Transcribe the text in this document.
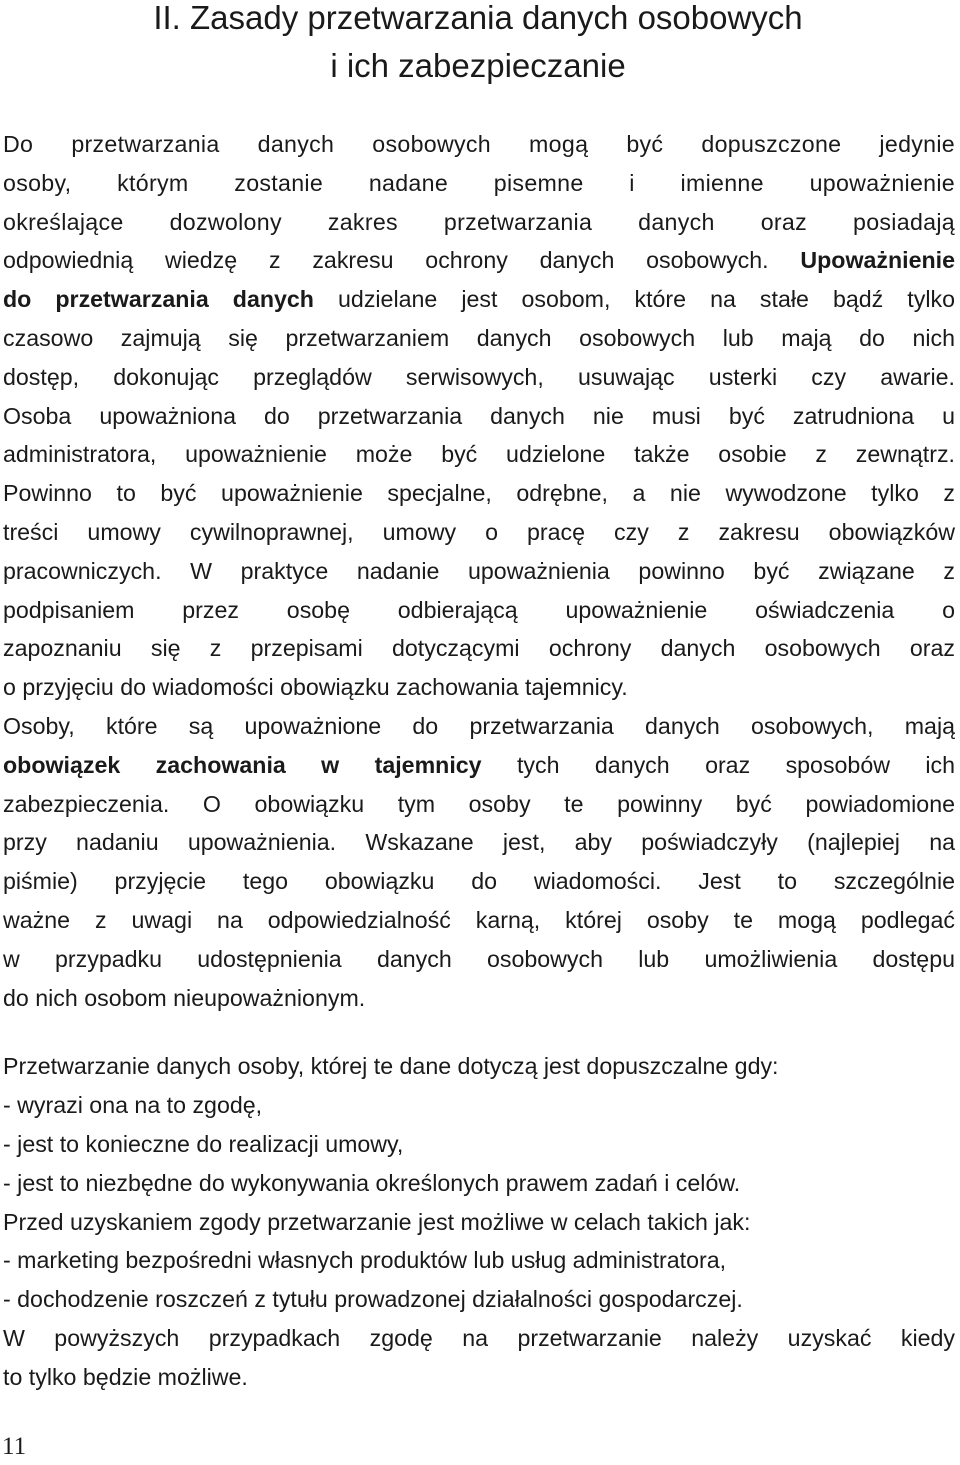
II. Zasady przetwarzania danych osobowych
i ich zabezpieczanie
Do przetwarzania danych osobowych mogą być dopuszczone jedynie
osoby, którym zostanie nadane pisemne i imienne upoważnienie
określające dozwolony zakres przetwarzania danych oraz posiadają
odpowiednią wiedzę z zakresu ochrony danych osobowych. Upoważnienie
do przetwarzania danych udzielane jest osobom, które na stałe bądź tylko
czasowo zajmują się przetwarzaniem danych osobowych lub mają do nich
dostęp, dokonując przeglądów serwisowych, usuwając usterki czy awarie.
Osoba upoważniona do przetwarzania danych nie musi być zatrudniona u
administratora, upoważnienie może być udzielone także osobie z zewnątrz.
Powinno to być upoważnienie specjalne, odrębne, a nie wywodzone tylko z
treści umowy cywilnoprawnej, umowy o pracę czy z zakresu obowiązków
pracowniczych. W praktyce nadanie upoważnienia powinno być związane z
podpisaniem przez osobę odbierającą upoważnienie oświadczenia o
zapoznaniu się z przepisami dotyczącymi ochrony danych osobowych oraz
o przyjęciu do wiadomości obowiązku zachowania tajemnicy.
Osoby, które są upoważnione do przetwarzania danych osobowych, mają
obowiązek zachowania w tajemnicy tych danych oraz sposobów ich
zabezpieczenia. O obowiązku tym osoby te powinny być powiadomione
przy nadaniu upoważnienia. Wskazane jest, aby poświadczyły (najlepiej na
piśmie) przyjęcie tego obowiązku do wiadomości. Jest to szczególnie
ważne z uwagi na odpowiedzialność karną, której osoby te mogą podlegać
w przypadku udostępnienia danych osobowych lub umożliwienia dostępu
do nich osobom nieupoważnionym.
Przetwarzanie danych osoby, której te dane dotyczą jest dopuszczalne gdy:
- wyrazi ona na to zgodę,
- jest to konieczne do realizacji umowy,
- jest to niezbędne do wykonywania określonych prawem zadań i celów.
Przed uzyskaniem zgody przetwarzanie jest możliwe w celach takich jak:
- marketing bezpośredni własnych produktów lub usług administratora,
- dochodzenie roszczeń z tytułu prowadzonej działalności gospodarczej.
W powyższych przypadkach zgodę na przetwarzanie należy uzyskać kiedy
to tylko będzie możliwe.
11
